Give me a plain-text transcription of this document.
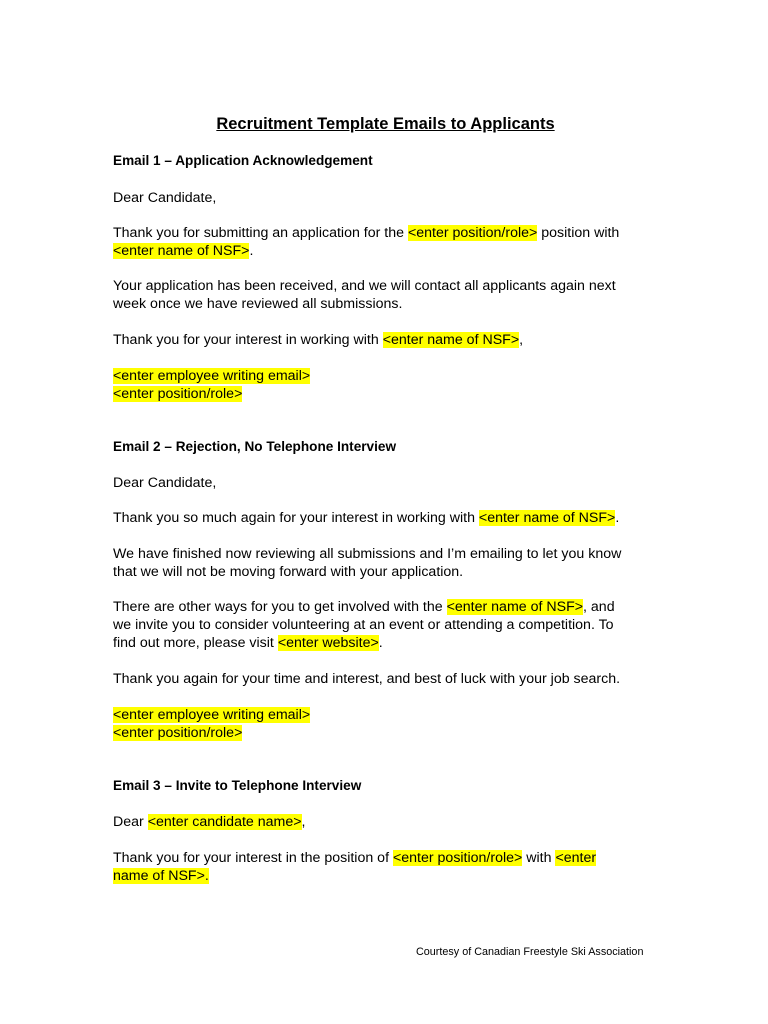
Recruitment Template Emails to Applicants
Email 1 – Application Acknowledgement
Dear Candidate,
Thank you for submitting an application for the <enter position/role> position with
<enter name of NSF>.
Your application has been received, and we will contact all applicants again next
week once we have reviewed all submissions.
Thank you for your interest in working with <enter name of NSF>,
<enter employee writing email>
<enter position/role>
Email 2 – Rejection, No Telephone Interview
Dear Candidate,
Thank you so much again for your interest in working with <enter name of NSF>.
We have finished now reviewing all submissions and I’m emailing to let you know
that we will not be moving forward with your application.
There are other ways for you to get involved with the <enter name of NSF>, and
we invite you to consider volunteering at an event or attending a competition. To
find out more, please visit <enter website>.
Thank you again for your time and interest, and best of luck with your job search.
<enter employee writing email>
<enter position/role>
Email 3 – Invite to Telephone Interview
Dear <enter candidate name>,
Thank you for your interest in the position of <enter position/role> with <enter
name of NSF>.
Courtesy of Canadian Freestyle Ski Association
